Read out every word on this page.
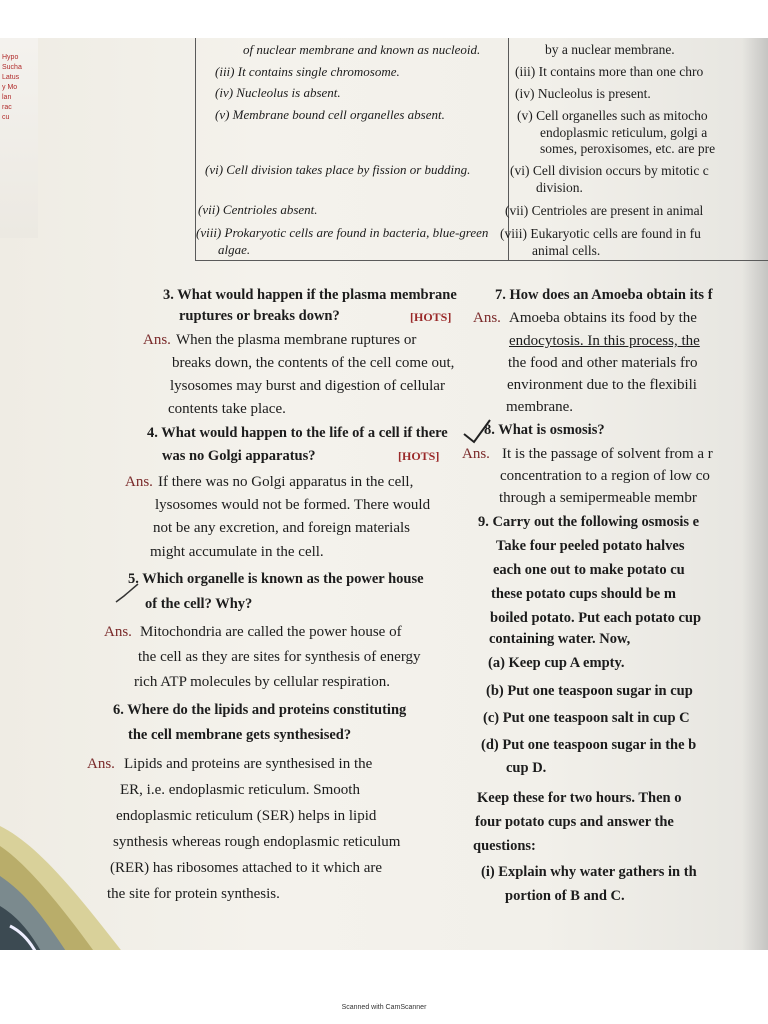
Hypo
Sucha
Latus
y Mo
lan
rac
cu
of nuclear membrane and known as nucleoid.
(iii) It contains single chromosome.
(iv) Nucleolus is absent.
(v) Membrane bound cell organelles absent.
(vi) Cell division takes place by fission or budding.
(vii) Centrioles absent.
(viii) Prokaryotic cells are found in bacteria, blue-green
algae.
by a nuclear membrane.
(iii) It contains more than one chro
(iv) Nucleolus is present.
(v) Cell organelles such as mitocho
endoplasmic reticulum, golgi a
somes, peroxisomes, etc. are pre
(vi) Cell division occurs by mitotic c
division.
(vii) Centrioles are present in animal
(viii) Eukaryotic cells are found in fu
animal cells.
3. What would happen if the plasma membrane
ruptures or breaks down?	[HOTS]
Ans. When the plasma membrane ruptures or
breaks down, the contents of the cell come out,
lysosomes may burst and digestion of cellular
contents take place.
4. What would happen to the life of a cell if there
was no Golgi apparatus?	[HOTS]
Ans. If there was no Golgi apparatus in the cell,
lysosomes would not be formed. There would
not be any excretion, and foreign materials
might accumulate in the cell.
5. Which organelle is known as the power house
of the cell? Why?
Ans. Mitochondria are called the power house of
the cell as they are sites for synthesis of energy
rich ATP molecules by cellular respiration.
6. Where do the lipids and proteins constituting
the cell membrane gets synthesised?
Ans. Lipids and proteins are synthesised in the
ER, i.e. endoplasmic reticulum. Smooth
endoplasmic reticulum (SER) helps in lipid
synthesis whereas rough endoplasmic reticulum
(RER) has ribosomes attached to it which are
the site for protein synthesis.
7. How does an Amoeba obtain its f
Ans. Amoeba obtains its food by the
endocytosis. In this process, the
the food and other materials fro
environment due to the flexibili
membrane.
8. What is osmosis?
Ans. It is the passage of solvent from a r
concentration to a region of low co
through a semipermeable membr
9. Carry out the following osmosis e
Take four peeled potato halves
each one out to make potato cu
these potato cups should be m
boiled potato. Put each potato cup
containing water. Now,
(a) Keep cup A empty.
(b) Put one teaspoon sugar in cup
(c) Put one teaspoon salt in cup C
(d) Put one teaspoon sugar in the b
cup D.
Keep these for two hours. Then o
four potato cups and answer the
questions:
(i) Explain why water gathers in th
portion of B and C.
Scanned with CamScanner
